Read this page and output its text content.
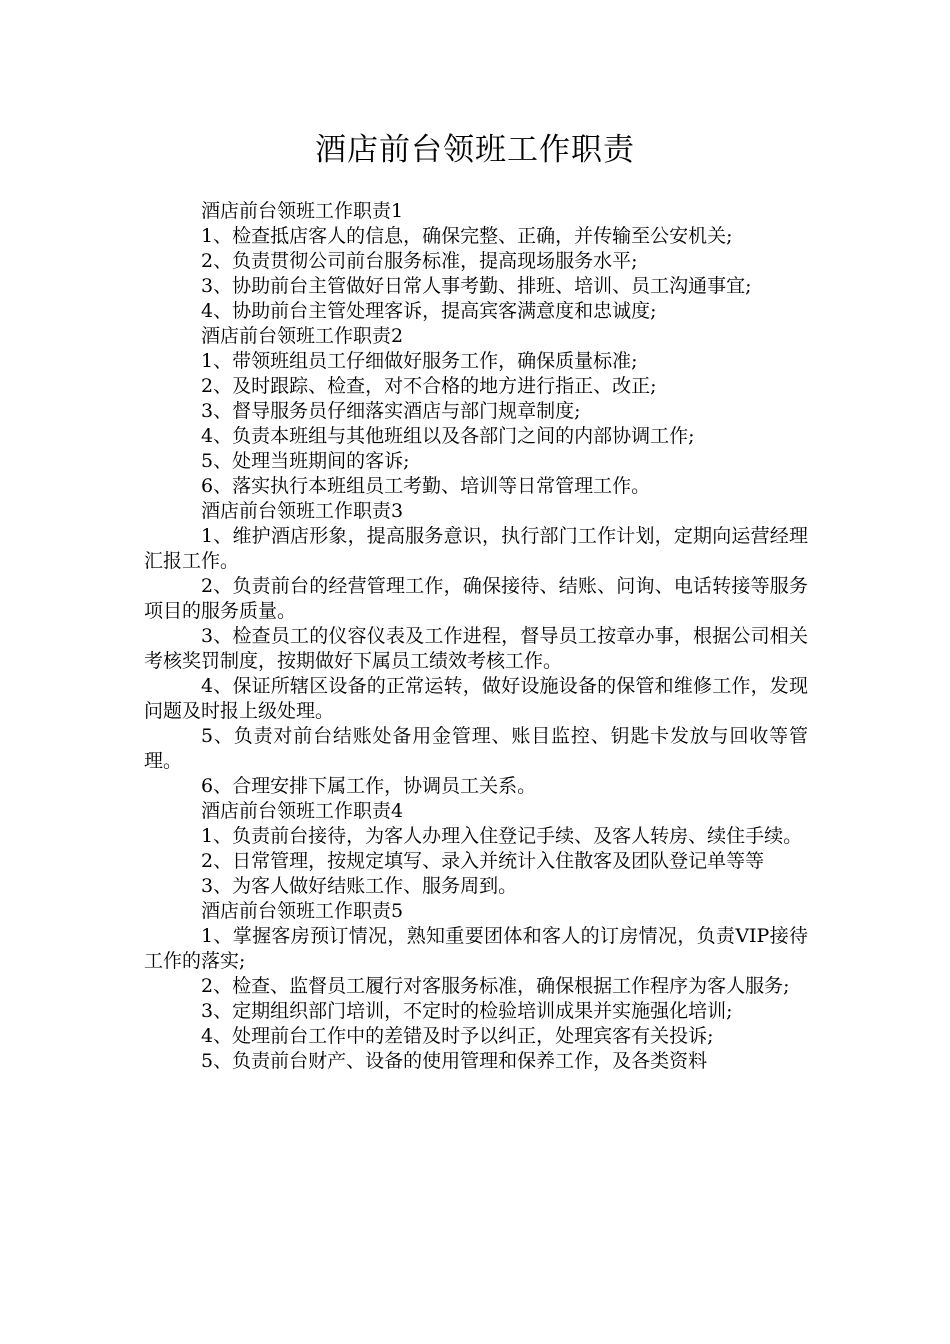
酒店前台领班工作职责

酒店前台领班工作职责1

1、检查抵店客人的信息，确保完整、正确，并传输至公安机关;

2、负责贯彻公司前台服务标准，提高现场服务水平;

3、协助前台主管做好日常人事考勤、排班、培训、员工沟通事宜;

4、协助前台主管处理客诉，提高宾客满意度和忠诚度;

酒店前台领班工作职责2

1、带领班组员工仔细做好服务工作，确保质量标准;

2、及时跟踪、检查，对不合格的地方进行指正、改正;

3、督导服务员仔细落实酒店与部门规章制度;

4、负责本班组与其他班组以及各部门之间的内部协调工作;

5、处理当班期间的客诉;

6、落实执行本班组员工考勤、培训等日常管理工作。

酒店前台领班工作职责3

1、维护酒店形象，提高服务意识，执行部门工作计划，定期向运营经理汇报工作。

2、负责前台的经营管理工作，确保接待、结账、问询、电话转接等服务项目的服务质量。

3、检查员工的仪容仪表及工作进程，督导员工按章办事，根据公司相关考核奖罚制度，按期做好下属员工绩效考核工作。

4、保证所辖区设备的正常运转，做好设施设备的保管和维修工作，发现问题及时报上级处理。

5、负责对前台结账处备用金管理、账目监控、钥匙卡发放与回收等管理。

6、合理安排下属工作，协调员工关系。

酒店前台领班工作职责4

1、负责前台接待，为客人办理入住登记手续、及客人转房、续住手续。

2、日常管理，按规定填写、录入并统计入住散客及团队登记单等等

3、为客人做好结账工作、服务周到。

酒店前台领班工作职责5

1、掌握客房预订情况，熟知重要团体和客人的订房情况，负责VIP接待工作的落实;

2、检查、监督员工履行对客服务标准，确保根据工作程序为客人服务;

3、定期组织部门培训，不定时的检验培训成果并实施强化培训;

4、处理前台工作中的差错及时予以纠正，处理宾客有关投诉;

5、负责前台财产、设备的使用管理和保养工作，及各类资料
